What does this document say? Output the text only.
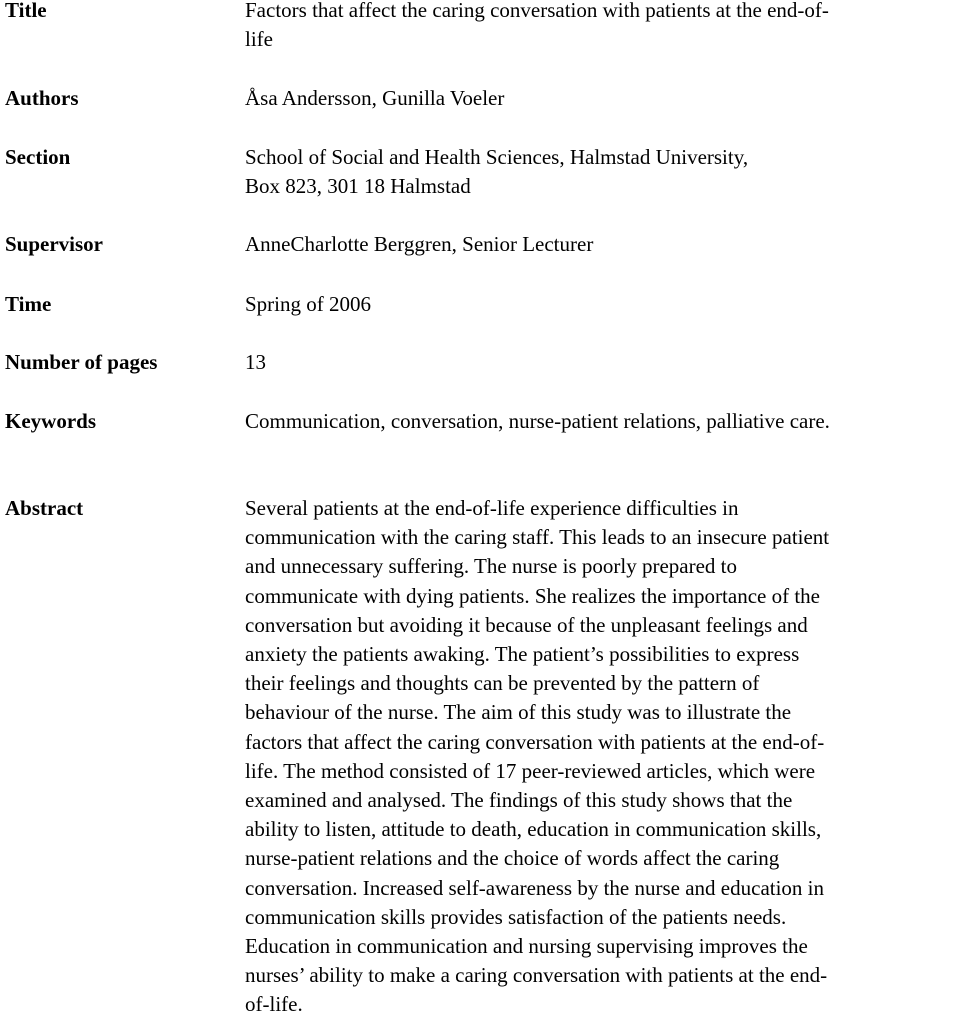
Title	Factors that affect the caring conversation with patients at the end-of-
life
Authors	Åsa Andersson, Gunilla Voeler
Section	School of Social and Health Sciences, Halmstad University,
Box 823, 301 18 Halmstad
Supervisor	AnneCharlotte Berggren, Senior Lecturer
Time	Spring of 2006
Number of pages	13
Keywords	Communication, conversation, nurse-patient relations, palliative care.
Abstract	Several patients at the end-of-life experience difficulties in
communication with the caring staff. This leads to an insecure patient
and unnecessary suffering. The nurse is poorly prepared to
communicate with dying patients. She realizes the importance of the
conversation but avoiding it because of the unpleasant feelings and
anxiety the patients awaking. The patient’s possibilities to express
their feelings and thoughts can be prevented by the pattern of
behaviour of the nurse. The aim of this study was to illustrate the
factors that affect the caring conversation with patients at the end-of-
life. The method consisted of 17 peer-reviewed articles, which were
examined and analysed. The findings of this study shows that the
ability to listen, attitude to death, education in communication skills,
nurse-patient relations and the choice of words affect the caring
conversation. Increased self-awareness by the nurse and education in
communication skills provides satisfaction of the patients needs.
Education in communication and nursing supervising improves the
nurses’ ability to make a caring conversation with patients at the end-
of-life.
